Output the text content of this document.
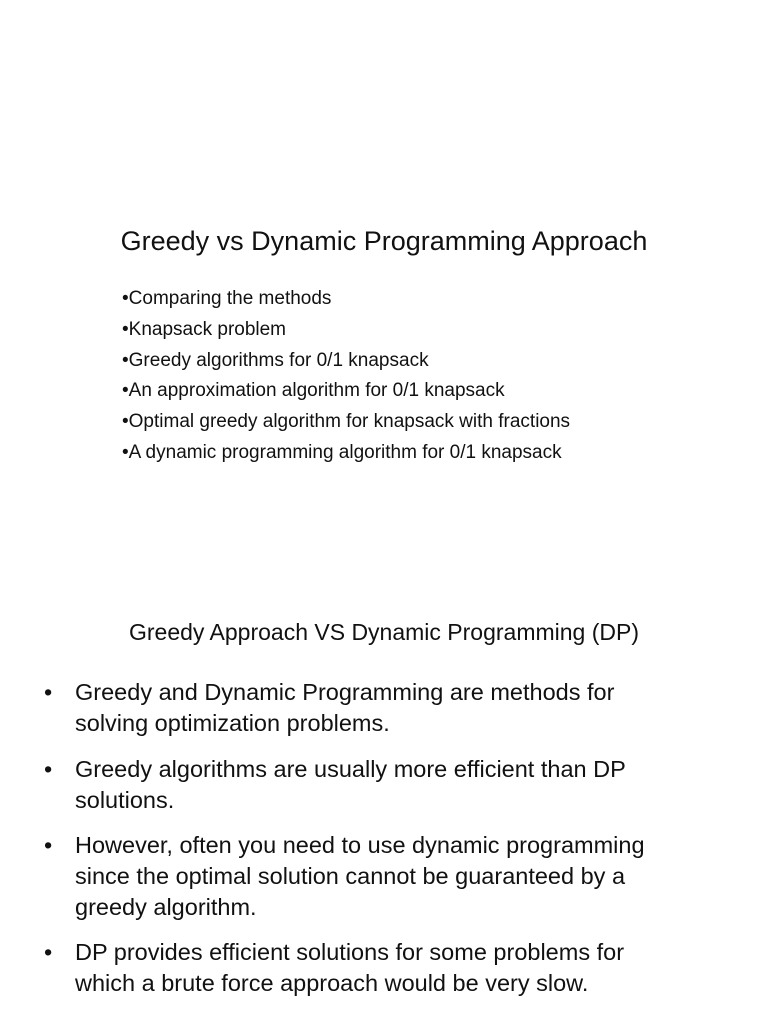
Greedy vs Dynamic Programming Approach
•Comparing the methods
•Knapsack problem
•Greedy algorithms for 0/1 knapsack
•An approximation algorithm for 0/1 knapsack
•Optimal greedy algorithm for knapsack with fractions
•A dynamic programming algorithm for 0/1 knapsack
Greedy Approach VS Dynamic Programming (DP)
• Greedy and Dynamic Programming are methods for
solving optimization problems.
• Greedy algorithms are usually more efficient than DP
solutions.
• However, often you need to use dynamic programming
since the optimal solution cannot be guaranteed by a
greedy algorithm.
• DP provides efficient solutions for some problems for
which a brute force approach would be very slow.
